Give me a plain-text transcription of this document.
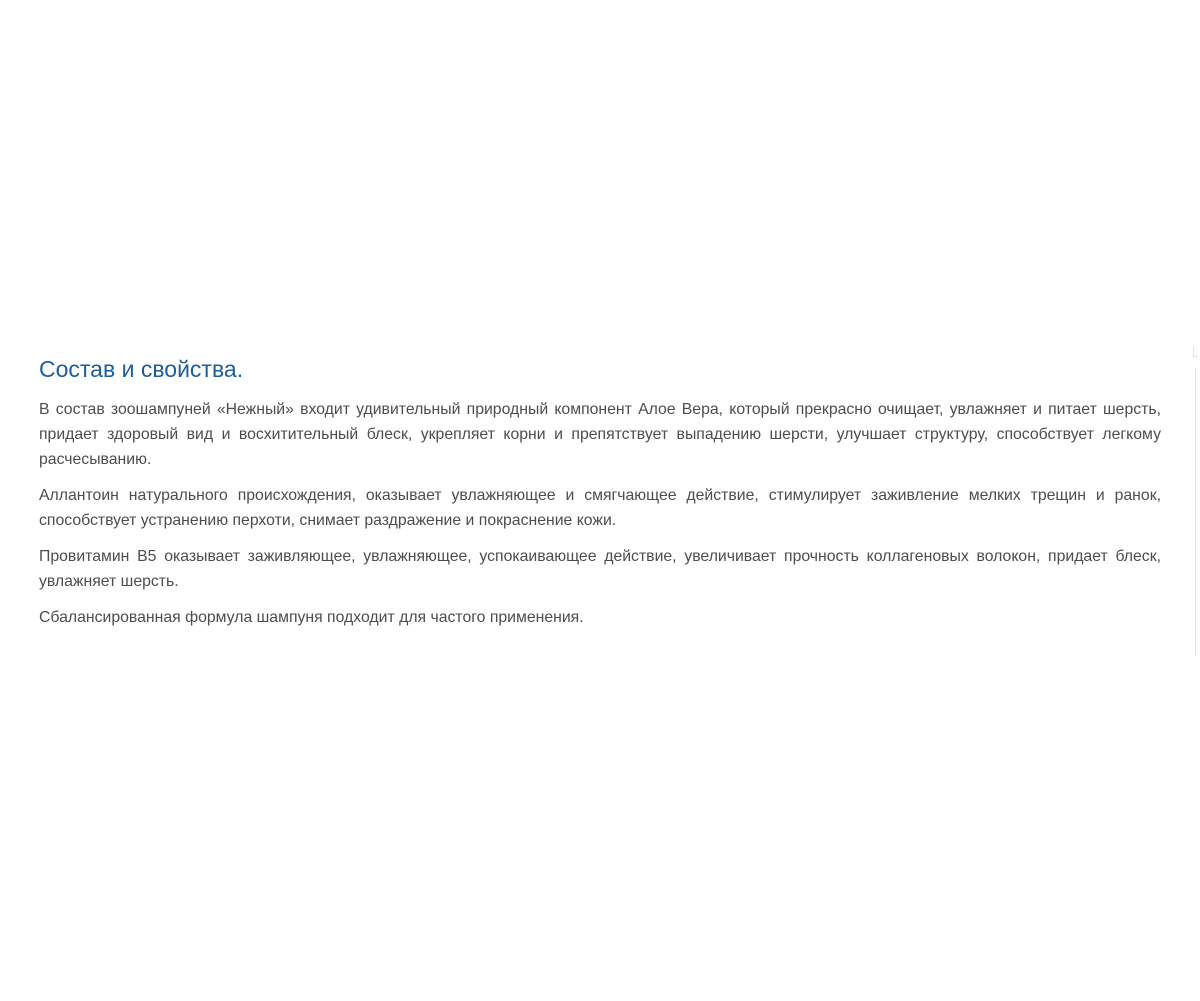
Состав и свойства.

В состав зоошампуней «Нежный» входит удивительный природный компонент Алое Вера, который прекрасно очищает, увлажняет и питает шерсть, придает здоровый вид и восхитительный блеск, укрепляет корни и препятствует выпадению шерсти, улучшает структуру, способствует легкому расчесыванию.

Аллантоин натурального происхождения, оказывает увлажняющее и смягчающее действие, стимулирует заживление мелких трещин и ранок, способствует устранению перхоти, снимает раздражение и покраснение кожи.

Провитамин В5 оказывает заживляющее, увлажняющее, успокаивающее действие, увеличивает прочность коллагеновых волокон, придает блеск, увлажняет шерсть.

Сбалансированная формула шампуня подходит для частого применения.
